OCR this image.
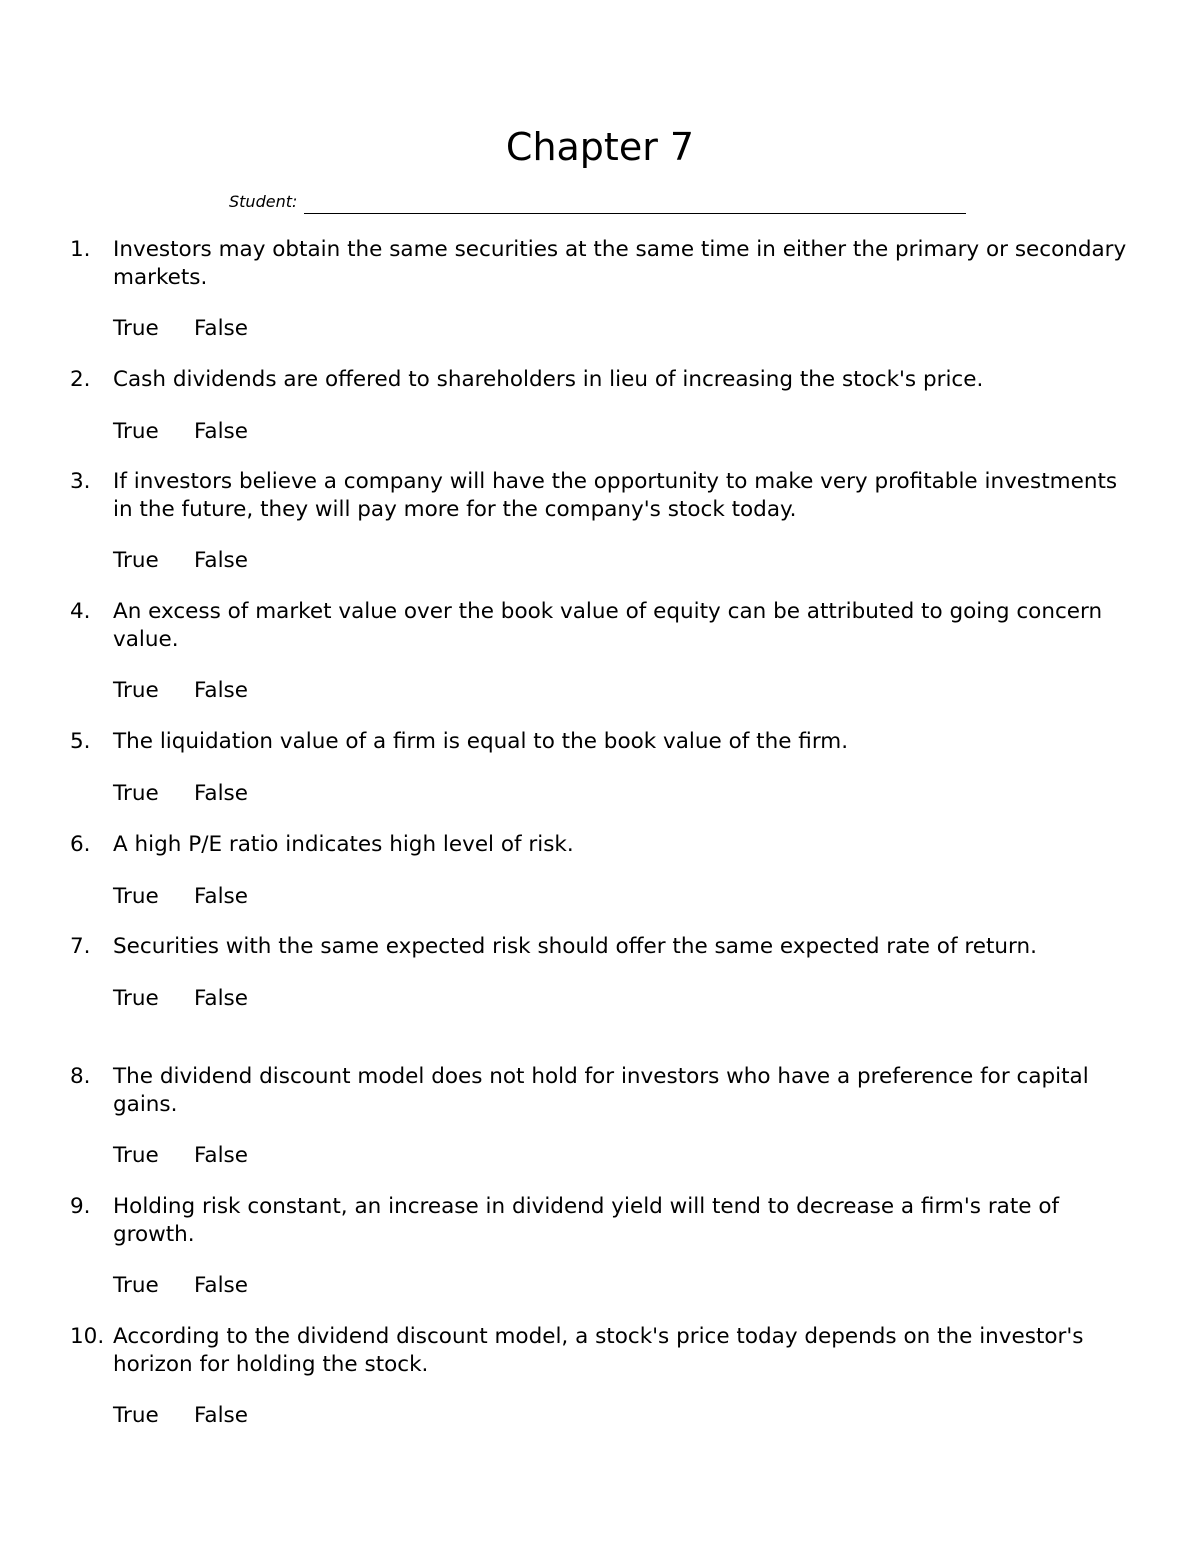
Chapter 7
Student:
1. Investors may obtain the same securities at the same time in either the primary or secondary markets.
True	False
2. Cash dividends are offered to shareholders in lieu of increasing the stock's price.
True	False
3. If investors believe a company will have the opportunity to make very profitable investments in the future, they will pay more for the company's stock today.
True	False
4. An excess of market value over the book value of equity can be attributed to going concern value.
True	False
5. The liquidation value of a firm is equal to the book value of the firm.
True	False
6. A high P/E ratio indicates high level of risk.
True	False
7. Securities with the same expected risk should offer the same expected rate of return.
True	False
8. The dividend discount model does not hold for investors who have a preference for capital gains.
True	False
9. Holding risk constant, an increase in dividend yield will tend to decrease a firm's rate of growth.
True	False
10. According to the dividend discount model, a stock's price today depends on the investor's horizon for holding the stock.
True	False
